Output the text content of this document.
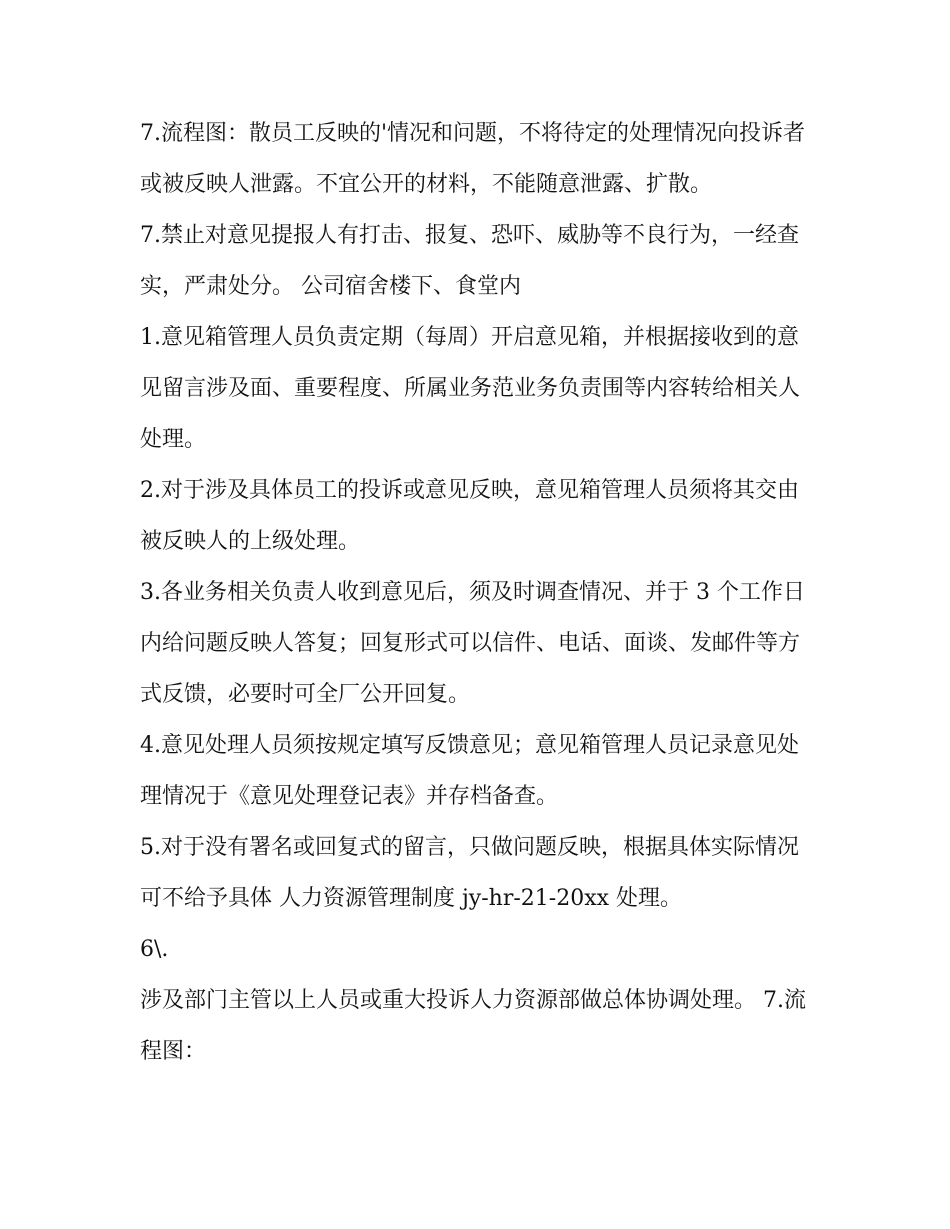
7.流程图：散员工反映的'情况和问题，不将待定的处理情况向投诉者或被反映人泄露。不宜公开的材料，不能随意泄露、扩散。

7.禁止对意见提报人有打击、报复、恐吓、威胁等不良行为，一经查实，严肃处分。 公司宿舍楼下、食堂内

1.意见箱管理人员负责定期（每周）开启意见箱，并根据接收到的意见留言涉及面、重要程度、所属业务范业务负责围等内容转给相关人处理。

2.对于涉及具体员工的投诉或意见反映，意见箱管理人员须将其交由被反映人的上级处理。

3.各业务相关负责人收到意见后，须及时调查情况、并于 3 个工作日内给问题反映人答复；回复形式可以信件、电话、面谈、发邮件等方式反馈，必要时可全厂公开回复。

4.意见处理人员须按规定填写反馈意见；意见箱管理人员记录意见处理情况于《意见处理登记表》并存档备查。

5.对于没有署名或回复式的留言，只做问题反映，根据具体实际情况可不给予具体 人力资源管理制度 jy-hr-21-20xx 处理。

6\.

涉及部门主管以上人员或重大投诉人力资源部做总体协调处理。 7.流程图：
